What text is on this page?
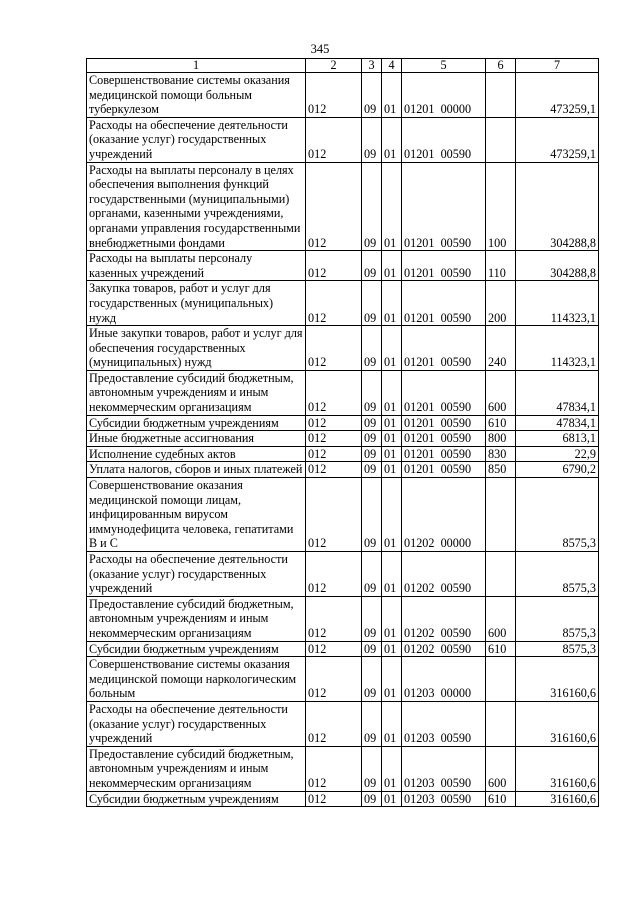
345
1	2	3	4	5	6	7
Совершенствование системы оказания медицинской помощи больным туберкулезом	012	09	01	01201  00000		473259,1
Расходы на обеспечение деятельности (оказание услуг) государственных учреждений	012	09	01	01201  00590		473259,1
Расходы на выплаты персоналу в целях обеспечения выполнения функций государственными (муниципальными) органами, казенными учреждениями, органами управления государственными внебюджетными фондами	012	09	01	01201  00590	100	304288,8
Расходы на выплаты персоналу казенных учреждений	012	09	01	01201  00590	110	304288,8
Закупка товаров, работ и услуг для государственных (муниципальных) нужд	012	09	01	01201  00590	200	114323,1
Иные закупки товаров, работ и услуг для обеспечения государственных (муниципальных) нужд	012	09	01	01201  00590	240	114323,1
Предоставление субсидий бюджетным, автономным учреждениям и иным некоммерческим организациям	012	09	01	01201  00590	600	47834,1
Субсидии бюджетным учреждениям	012	09	01	01201  00590	610	47834,1
Иные бюджетные ассигнования	012	09	01	01201  00590	800	6813,1
Исполнение судебных актов	012	09	01	01201  00590	830	22,9
Уплата налогов, сборов и иных платежей	012	09	01	01201  00590	850	6790,2
Совершенствование оказания медицинской помощи лицам, инфицированным вирусом иммунодефицита человека, гепатитами В и С	012	09	01	01202  00000		8575,3
Расходы на обеспечение деятельности (оказание услуг) государственных учреждений	012	09	01	01202  00590		8575,3
Предоставление субсидий бюджетным, автономным учреждениям и иным некоммерческим организациям	012	09	01	01202  00590	600	8575,3
Субсидии бюджетным учреждениям	012	09	01	01202  00590	610	8575,3
Совершенствование системы оказания медицинской помощи наркологическим больным	012	09	01	01203  00000		316160,6
Расходы на обеспечение деятельности (оказание услуг) государственных учреждений	012	09	01	01203  00590		316160,6
Предоставление субсидий бюджетным, автономным учреждениям и иным некоммерческим организациям	012	09	01	01203  00590	600	316160,6
Субсидии бюджетным учреждениям	012	09	01	01203  00590	610	316160,6
